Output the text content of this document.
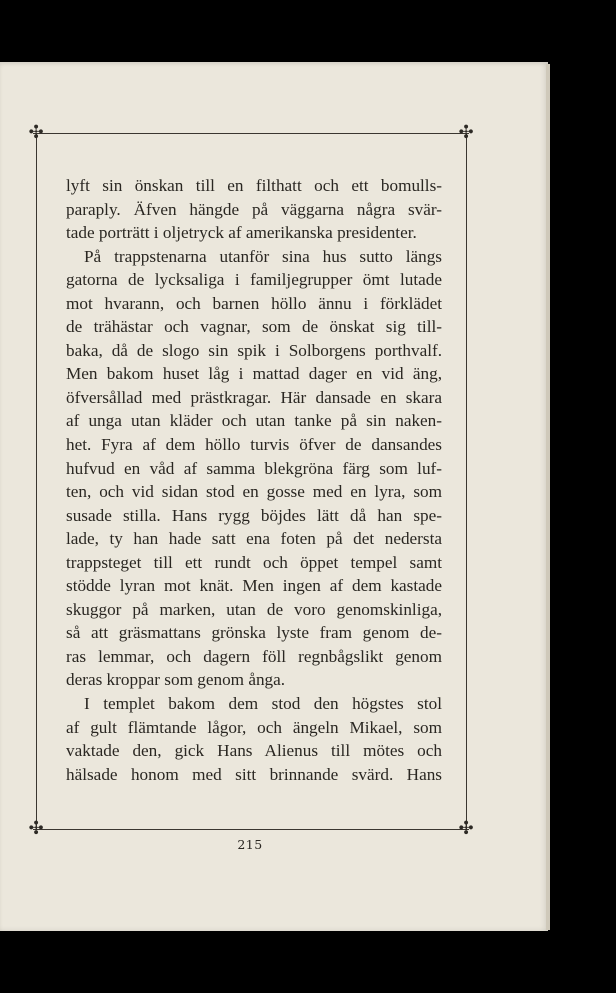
✣	✣
✣	✣
lyft sin önskan till en filthatt och ett bomulls-
paraply. Äfven hängde på väggarna några svär-
tade porträtt i oljetryck af amerikanska presidenter.
På trappstenarna utanför sina hus sutto längs
gatorna de lycksaliga i familjegrupper ömt lutade
mot hvarann, och barnen höllo ännu i förklädet
de trähästar och vagnar, som de önskat sig till-
baka, då de slogo sin spik i Solborgens porthvalf.
Men bakom huset låg i mattad dager en vid äng,
öfversållad med prästkragar. Här dansade en skara
af unga utan kläder och utan tanke på sin naken-
het. Fyra af dem höllo turvis öfver de dansandes
hufvud en våd af samma blekgröna färg som luf-
ten, och vid sidan stod en gosse med en lyra, som
susade stilla. Hans rygg böjdes lätt då han spe-
lade, ty han hade satt ena foten på det nedersta
trappsteget till ett rundt och öppet tempel samt
stödde lyran mot knät. Men ingen af dem kastade
skuggor på marken, utan de voro genomskinliga,
så att gräsmattans grönska lyste fram genom de-
ras lemmar, och dagern föll regnbågslikt genom
deras kroppar som genom ånga.
I templet bakom dem stod den högstes stol
af gult flämtande lågor, och ängeln Mikael, som
vaktade den, gick Hans Alienus till mötes och
hälsade honom med sitt brinnande svärd. Hans
215
